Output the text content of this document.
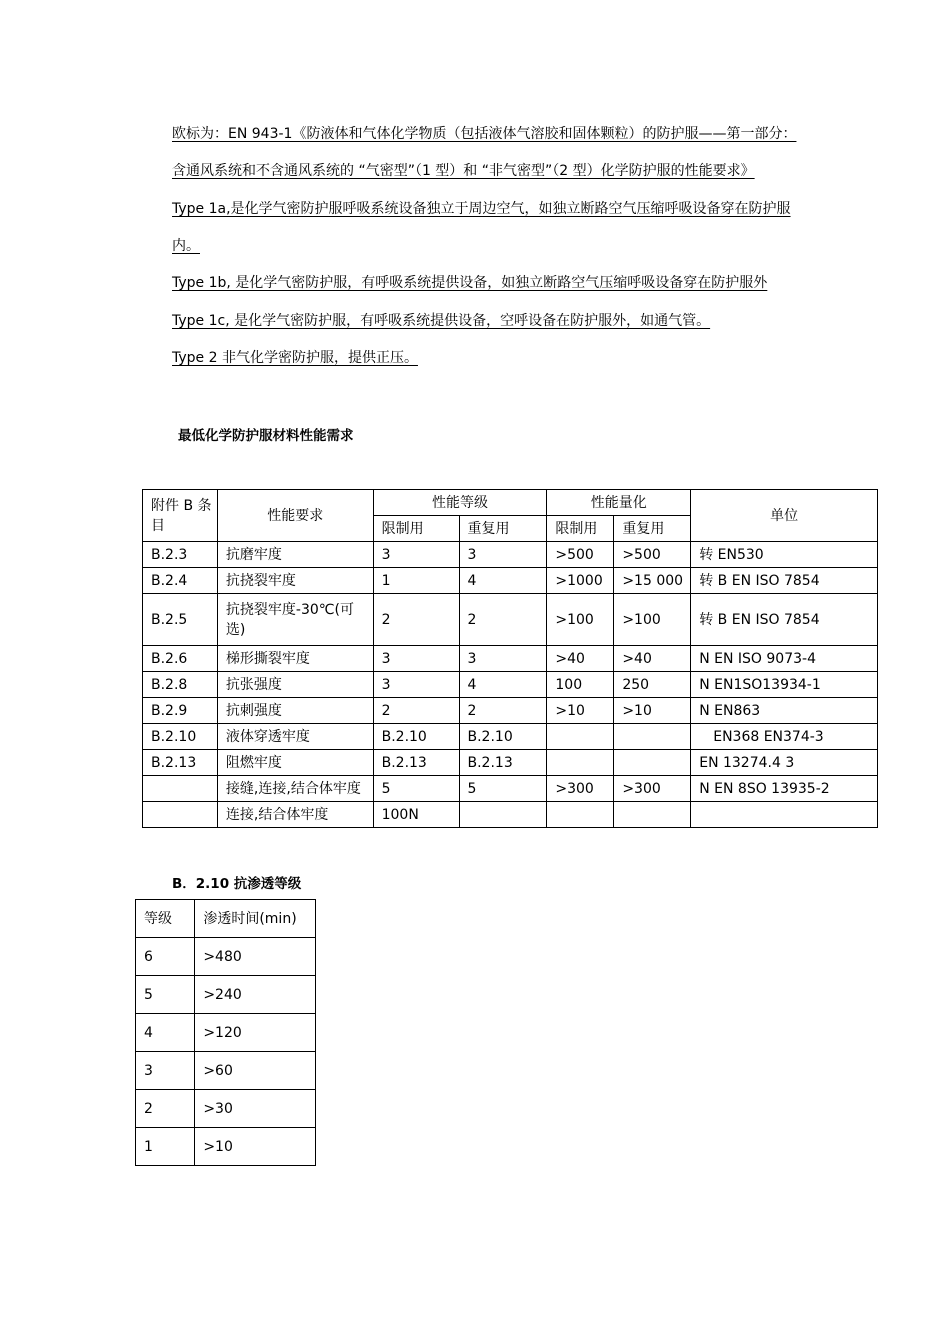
欧标为：EN 943-1《防液体和气体化学物质（包括液体气溶胶和固体颗粒）的防护服——第一部分：
含通风系统和不含通风系统的 “气密型”（1 型）和 “非气密型”（2 型）化学防护服的性能要求》
Type 1a,是化学气密防护服呼吸系统设备独立于周边空气，如独立断路空气压缩呼吸设备穿在防护服
内。
Type 1b, 是化学气密防护服，有呼吸系统提供设备，如独立断路空气压缩呼吸设备穿在防护服外
Type 1c, 是化学气密防护服，有呼吸系统提供设备，空呼设备在防护服外，如通气管。
Type 2 非气化学密防护服，提供正压。
最低化学防护服材料性能需求
附件 B 条目	性能要求	性能等级		性能量化		单位
		限制用	重复用	限制用	重复用	
B.2.3	抗磨牢度	3	3	>500	>500	转 EN530
B.2.4	抗挠裂牢度	1	4	>1000	>15 000	转 B EN ISO 7854
B.2.5	抗挠裂牢度-30℃(可选)	2	2	>100	>100	转 B EN ISO 7854
B.2.6	梯形撕裂牢度	3	3	>40	>40	N EN ISO 9073-4
B.2.8	抗张强度	3	4	100	250	N EN1SO13934-1
B.2.9	抗刺强度	2	2	>10	>10	N EN863
B.2.10	液体穿透牢度	B.2.10	B.2.10			EN368 EN374-3
B.2.13	阻燃牢度	B.2.13	B.2.13			EN 13274.4 3
	接缝,连接,结合体牢度	5	5	>300	>300	N EN 8SO 13935-2
	连接,结合体牢度	100N				
B．2.10 抗渗透等级
等级	渗透时间(min)
6	>480
5	>240
4	>120
3	>60
2	>30
1	>10
